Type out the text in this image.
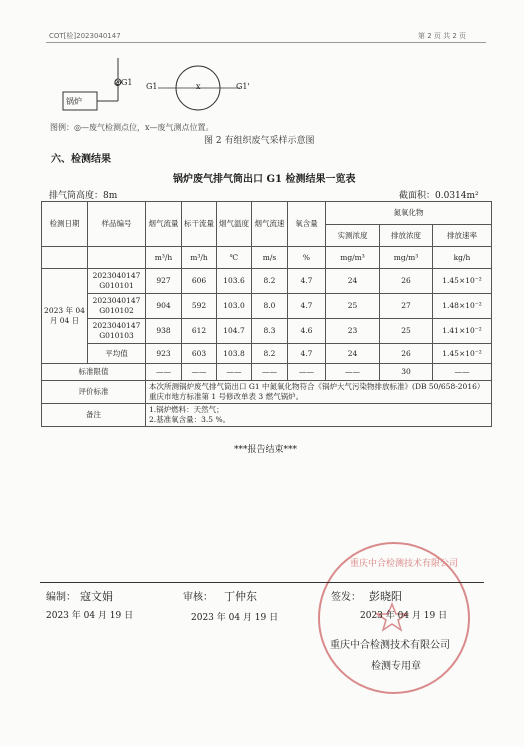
COT[检]2023040147	第 2 页 共 2 页
锅炉
◎G1 G1	x	G1'
图例：◎—废气检测点位，x—废气测点位置。
图 2 有组织废气采样示意图
六、检测结果
锅炉废气排气筒出口 G1 检测结果一览表
排气筒高度：8m	截面积：0.0314m²
检测日期	样品编号	烟气流量	标干流量	烟气温度	烟气流速	氧含量	氮氧化物		
							实测浓度	排放浓度	排放速率
		m³/h	m³/h	℃	m/s	%	mg/m³	mg/m³	kg/h
2023 年 04 月 04 日	2023040147
G010101	927	606	103.6	8.2	4.7	24	26	1.45×10⁻²
	2023040147
G010102	904	592	103.0	8.0	4.7	25	27	1.48×10⁻²
	2023040147
G010103	938	612	104.7	8.3	4.6	23	25	1.41×10⁻²
	平均值	923	603	103.8	8.2	4.7	24	26	1.45×10⁻²
标准限值		——	——	——	——	——	——	30	——
评价标准		本次所测锅炉废气排气筒出口 G1 中氮氧化物符合《锅炉大气污染物排放标准》(DB 50/658-2016）重庆市地方标准第 1 号修改单表 3 燃气锅炉。							
备注		1.锅炉燃料：天然气；
2.基准氧含量：3.5 %。							
***报告结束***
重庆中合检测技术有限公司
编制： 寇文娟
2023 年 04 月 19 日
审核： 丁仲东
2023 年 04 月 19 日
签发： 彭晓阳
2023 年 04 月 19 日
重庆中合检测技术有限公司
检测专用章
